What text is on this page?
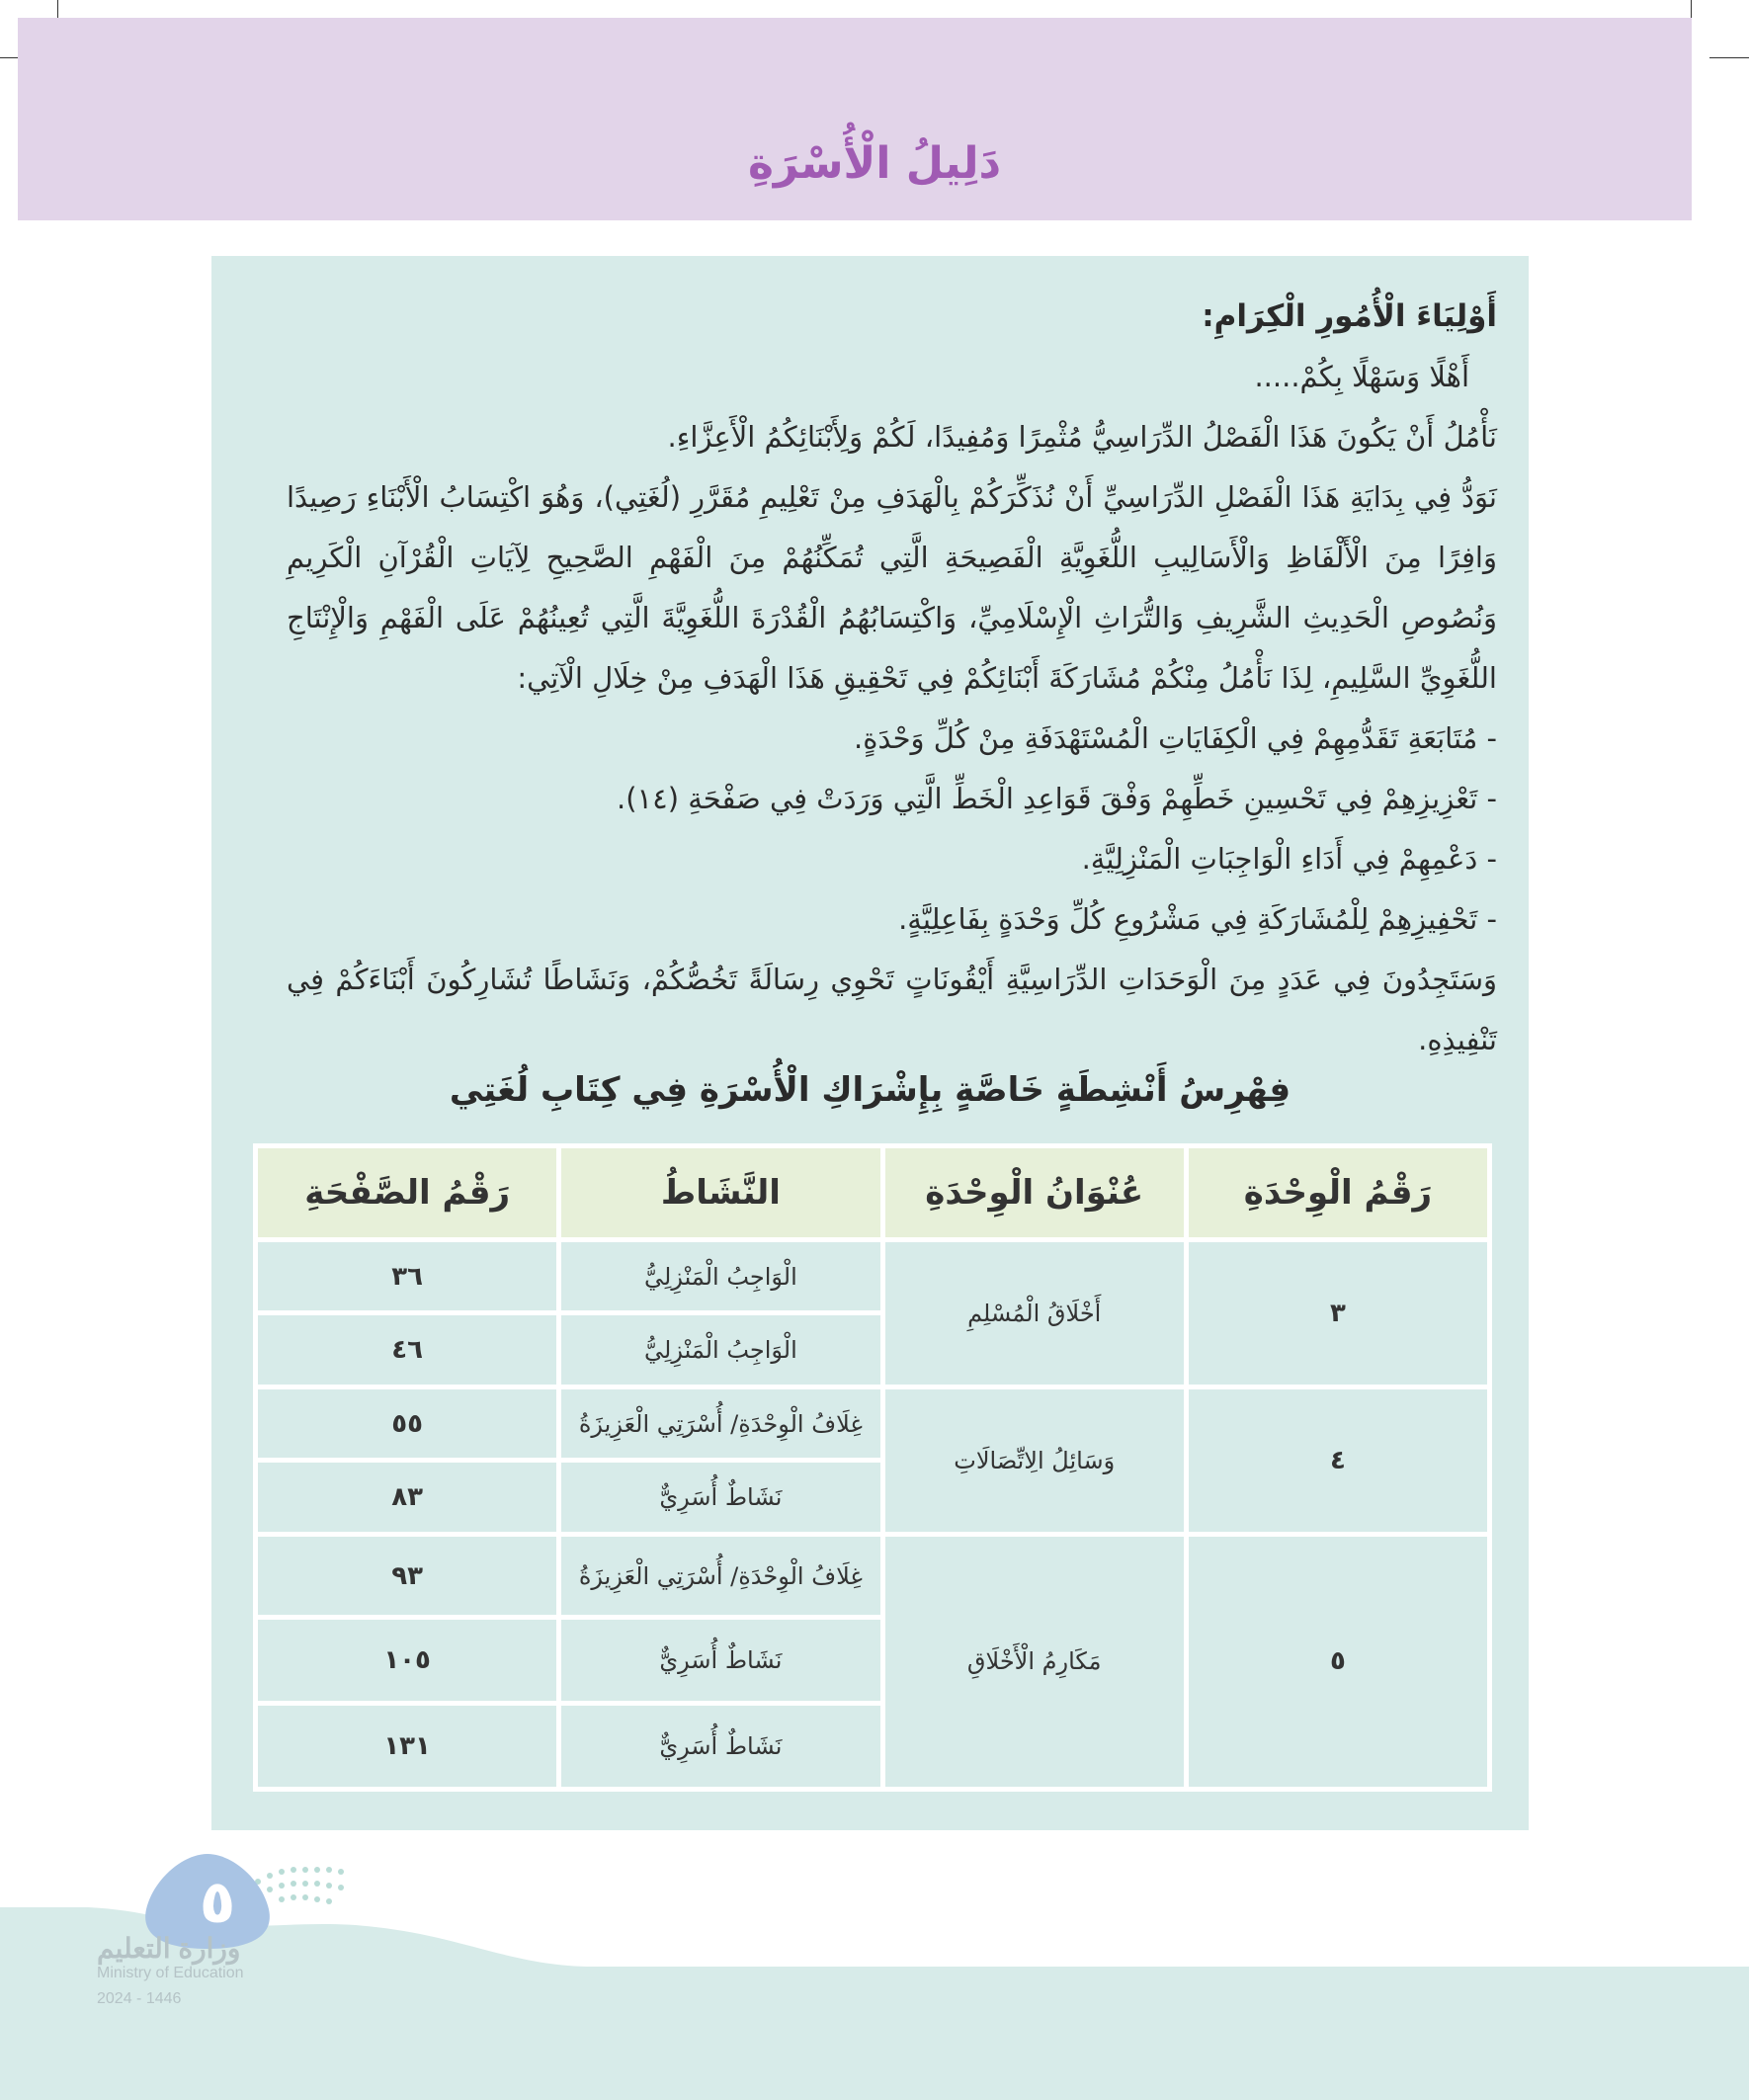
دَلِيلُ الْأُسْرَةِ

أَوْلِيَاءَ الْأُمُورِ الْكِرَامِ:

أَهْلًا وَسَهْلًا بِكُمْ.....

نَأْمُلُ أَنْ يَكُونَ هَذَا الْفَصْلُ الدِّرَاسِيُّ مُثْمِرًا وَمُفِيدًا، لَكُمْ وَلِأَبْنَائِكُمُ الْأَعِزَّاءِ.

نَوَدُّ فِي بِدَايَةِ هَذَا الْفَصْلِ الدِّرَاسِيِّ أَنْ نُذَكِّرَكُمْ بِالْهَدَفِ مِنْ تَعْلِيمِ مُقَرَّرِ (لُغَتِي)، وَهُوَ اكْتِسَابُ الْأَبْنَاءِ رَصِيدًا وَافِرًا مِنَ الْأَلْفَاظِ وَالْأَسَالِيبِ اللُّغَوِيَّةِ الْفَصِيحَةِ الَّتِي تُمَكِّنُهُمْ مِنَ الْفَهْمِ الصَّحِيحِ لِآيَاتِ الْقُرْآنِ الْكَرِيمِ وَنُصُوصِ الْحَدِيثِ الشَّرِيفِ وَالتُّرَاثِ الْإِسْلَامِيِّ، وَاكْتِسَابُهُمُ الْقُدْرَةَ اللُّغَوِيَّةَ الَّتِي تُعِينُهُمْ عَلَى الْفَهْمِ وَالْإِنْتَاجِ اللُّغَوِيِّ السَّلِيمِ، لِذَا نَأْمُلُ مِنْكُمْ مُشَارَكَةَ أَبْنَائِكُمْ فِي تَحْقِيقِ هَذَا الْهَدَفِ مِنْ خِلَالِ الْآتِي:

- مُتَابَعَةِ تَقَدُّمِهِمْ فِي الْكِفَايَاتِ الْمُسْتَهْدَفَةِ مِنْ كُلِّ وَحْدَةٍ.

- تَعْزِيزِهِمْ فِي تَحْسِينِ خَطِّهِمْ وَفْقَ قَوَاعِدِ الْخَطِّ الَّتِي وَرَدَتْ فِي صَفْحَةِ (١٤).

- دَعْمِهِمْ فِي أَدَاءِ الْوَاجِبَاتِ الْمَنْزِلِيَّةِ.

- تَحْفِيزِهِمْ لِلْمُشَارَكَةِ فِي مَشْرُوعِ كُلِّ وَحْدَةٍ بِفَاعِلِيَّةٍ.

وَسَتَجِدُونَ فِي عَدَدٍ مِنَ الْوَحَدَاتِ الدِّرَاسِيَّةِ أَيْقُونَاتٍ تَحْوِي رِسَالَةً تَخُصُّكُمْ، وَنَشَاطًا تُشَارِكُونَ أَبْنَاءَكُمْ فِي تَنْفِيذِهِ.

فِهْرِسُ أَنْشِطَةٍ خَاصَّةٍ بِإِشْرَاكِ الْأُسْرَةِ فِي كِتَابِ لُغَتِي
رَقْمُ الْوِحْدَةِ	عُنْوَانُ الْوِحْدَةِ	النَّشَاطُ	رَقْمُ الصَّفْحَةِ
٣	أَخْلَاقُ الْمُسْلِمِ	الْوَاجِبُ الْمَنْزِلِيُّ	٣٦
		الْوَاجِبُ الْمَنْزِلِيُّ	٤٦
٤	وَسَائِلُ الِاتِّصَالَاتِ	غِلَافُ الْوِحْدَةِ/ أُسْرَتِي الْعَزِيزَةُ	٥٥
		نَشَاطٌ أُسَرِيٌّ	٨٣
٥	مَكَارِمُ الْأَخْلَاقِ	غِلَافُ الْوِحْدَةِ/ أُسْرَتِي الْعَزِيزَةُ	٩٣
		نَشَاطٌ أُسَرِيٌّ	١٠٥
		نَشَاطٌ أُسَرِيٌّ	١٣١
٥
وزارة التعليم
Ministry of Education
2024 - 1446
